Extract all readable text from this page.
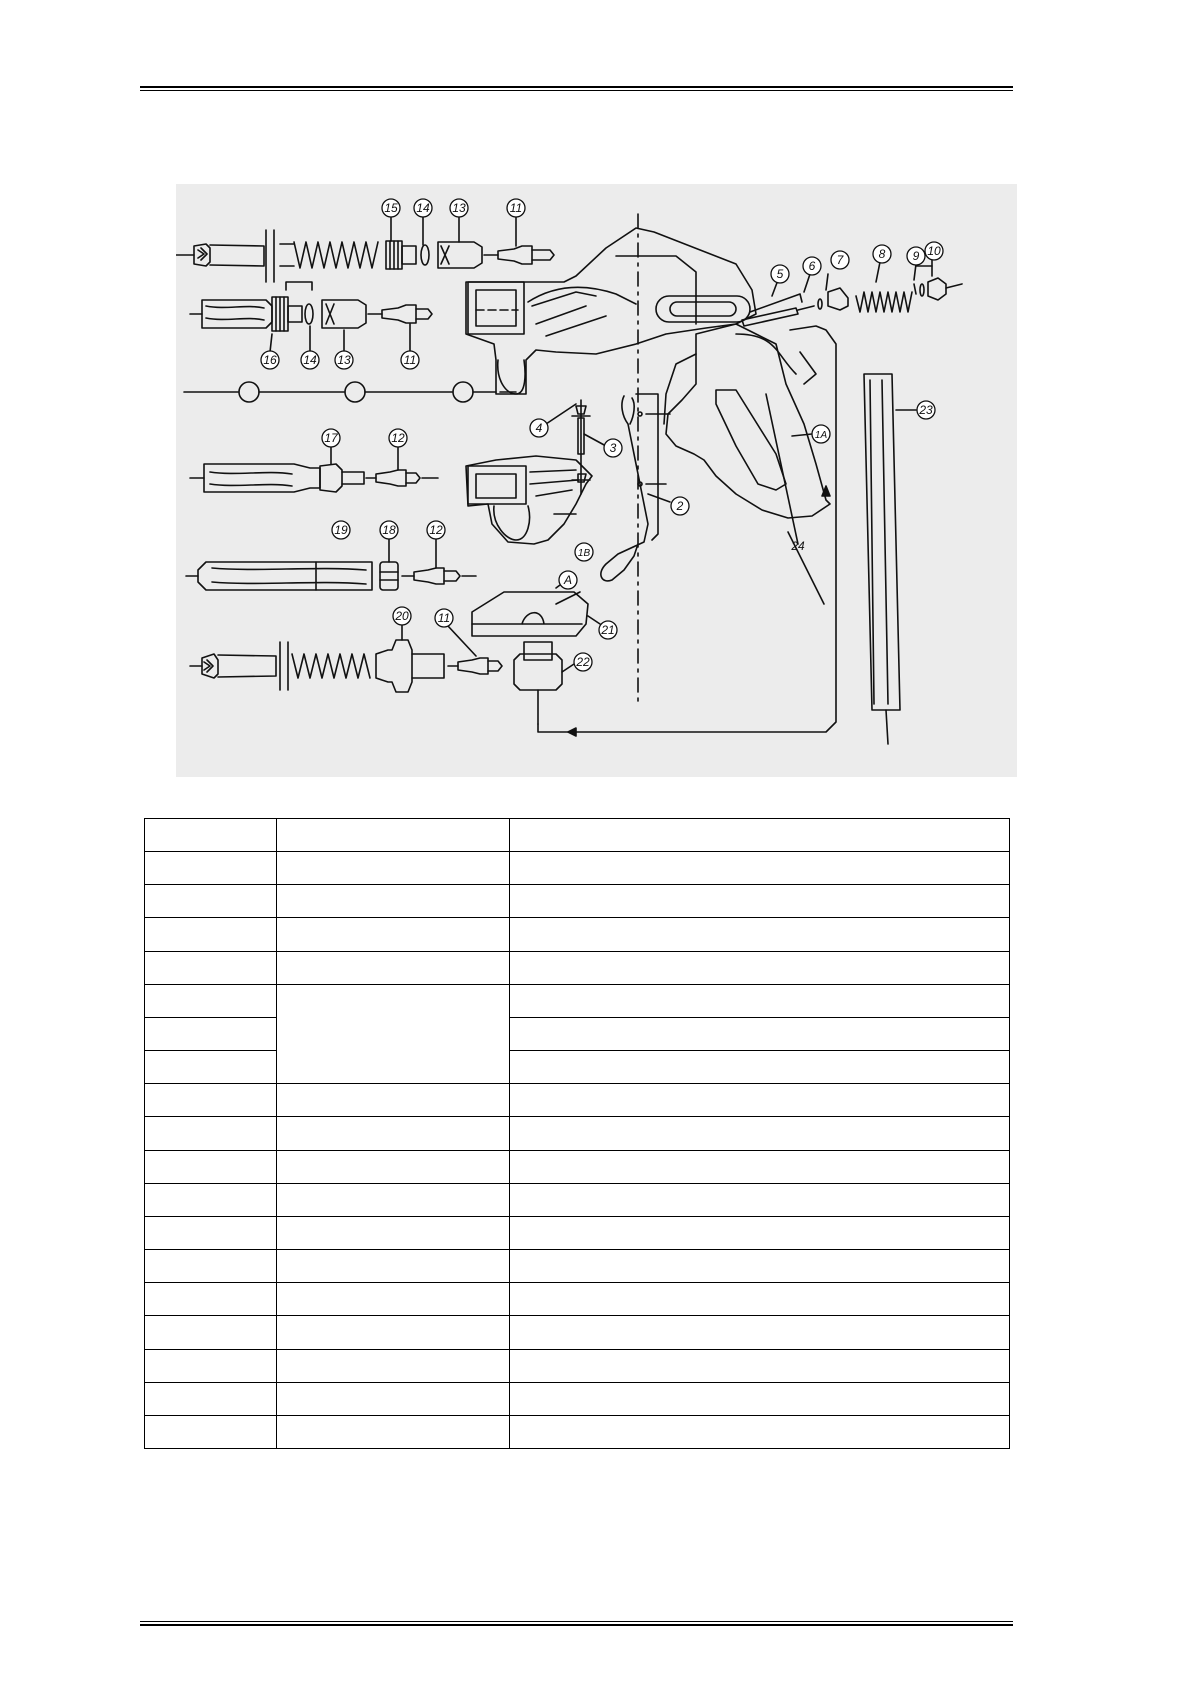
15 14 13	11
16 14 13	11
17	12
19	18	12
20 11
4
3
2
1A
1B
24
A
21
22
5
6 7	8 9 10
23
